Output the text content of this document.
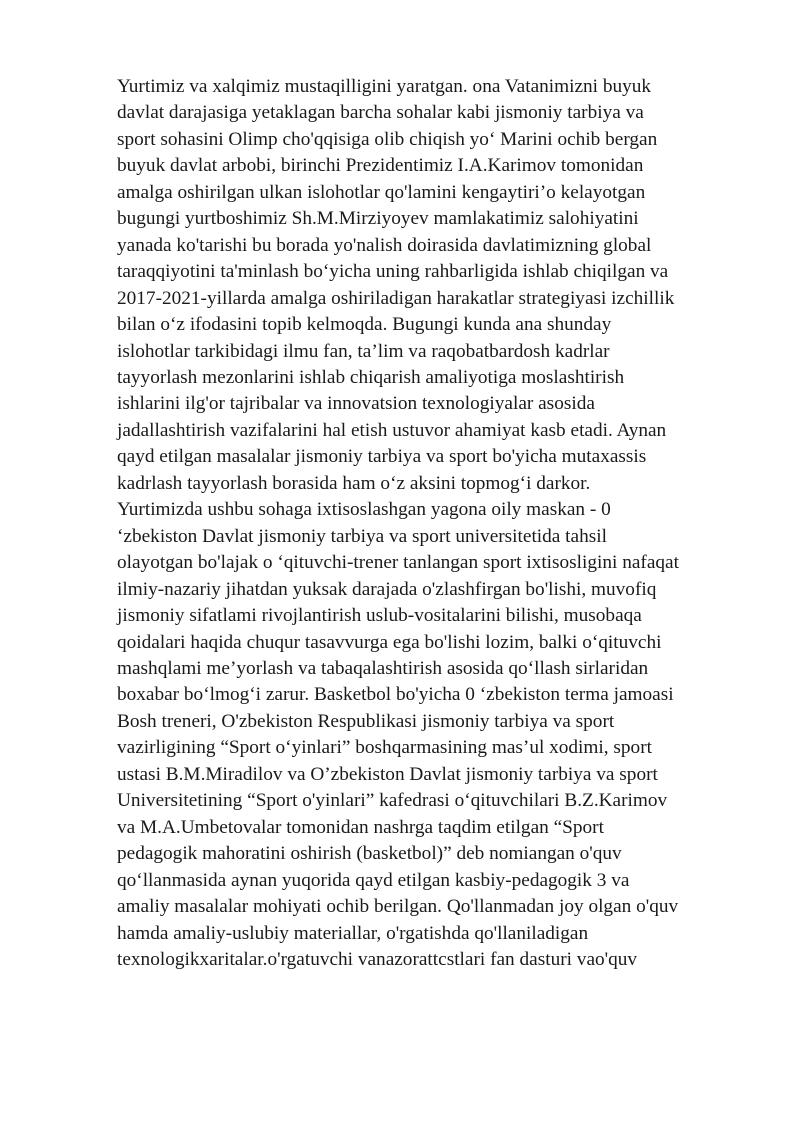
Yurtimiz va xalqimiz mustaqilligini yaratgan. ona Vatanimizni buyuk
davlat darajasiga yetaklagan barcha sohalar kabi jismoniy tarbiya va
sport sohasini Olimp cho'qqisiga olib chiqish yo‘ Marini ochib bergan
buyuk davlat arbobi, birinchi Prezidentimiz I.A.Karimov tomonidan
amalga oshirilgan ulkan islohotlar qo'lamini kengaytiri’o kelayotgan
bugungi yurtboshimiz Sh.M.Mirziyoyev mamlakatimiz salohiyatini
yanada ko'tarishi bu borada yo'nalish doirasida davlatimizning global
taraqqiyotini ta'minlash bo‘yicha uning rahbarligida ishlab chiqilgan va
2017-2021-yillarda amalga oshiriladigan harakatlar strategiyasi izchillik
bilan o‘z ifodasini topib kelmoqda. Bugungi kunda ana shunday
islohotlar tarkibidagi ilmu fan, ta’lim va raqobatbardosh kadrlar
tayyorlash mezonlarini ishlab chiqarish amaliyotiga moslashtirish
ishlarini ilg'or tajribalar va innovatsion texnologiyalar asosida
jadallashtirish vazifalarini hal etish ustuvor ahamiyat kasb etadi. Aynan
qayd etilgan masalalar jismoniy tarbiya va sport bo'yicha mutaxassis
kadrlash tayyorlash borasida ham o‘z aksini topmog‘i darkor.
Yurtimizda ushbu sohaga ixtisoslashgan yagona oily maskan - 0
‘zbekiston Davlat jismoniy tarbiya va sport universitetida tahsil
olayotgan bo'lajak o ‘qituvchi-trener tanlangan sport ixtisosligini nafaqat
ilmiy-nazariy jihatdan yuksak darajada o'zlashfirgan bo'lishi, muvofiq
jismoniy sifatlami rivojlantirish uslub-vositalarini bilishi, musobaqa
qoidalari haqida chuqur tasavvurga ega bo'lishi lozim, balki o‘qituvchi
mashqlami me’yorlash va tabaqalashtirish asosida qo‘llash sirlaridan
boxabar bo‘lmog‘i zarur. Basketbol bo'yicha 0 ‘zbekiston terma jamoasi
Bosh treneri, O'zbekiston Respublikasi jismoniy tarbiya va sport
vazirligining “Sport o‘yinlari” boshqarmasining mas’ul xodimi, sport
ustasi B.M.Miradilov va O’zbekiston Davlat jismoniy tarbiya va sport
Universitetining “Sport o'yinlari” kafedrasi o‘qituvchilari B.Z.Karimov
va M.A.Umbetovalar tomonidan nashrga taqdim etilgan “Sport
pedagogik mahoratini oshirish (basketbol)” deb nomiangan o'quv
qo‘llanmasida aynan yuqorida qayd etilgan kasbiy-pedagogik 3 va
amaliy masalalar mohiyati ochib berilgan. Qo'llanmadan joy olgan o'quv
hamda amaliy-uslubiy materiallar, o'rgatishda qo'llaniladigan
texnologikxaritalar.o'rgatuvchi vanazorattcstlari fan dasturi vao'quv
